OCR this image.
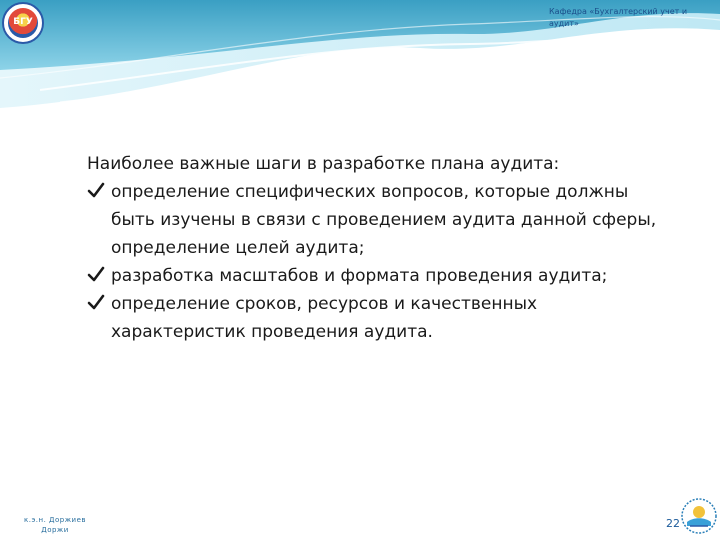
БГУ
Кафедра «Бухгалтерский учет и аудит»

Наиболее важные шаги в разработке плана аудита:

определение специфических вопросов, которые должны быть изучены в связи с проведением аудита данной сферы, определение целей аудита;
разработка масштабов и формата проведения аудита;
определение сроков, ресурсов и качественных характеристик проведения аудита.
к.э.н. Доржиев Доржи	22
